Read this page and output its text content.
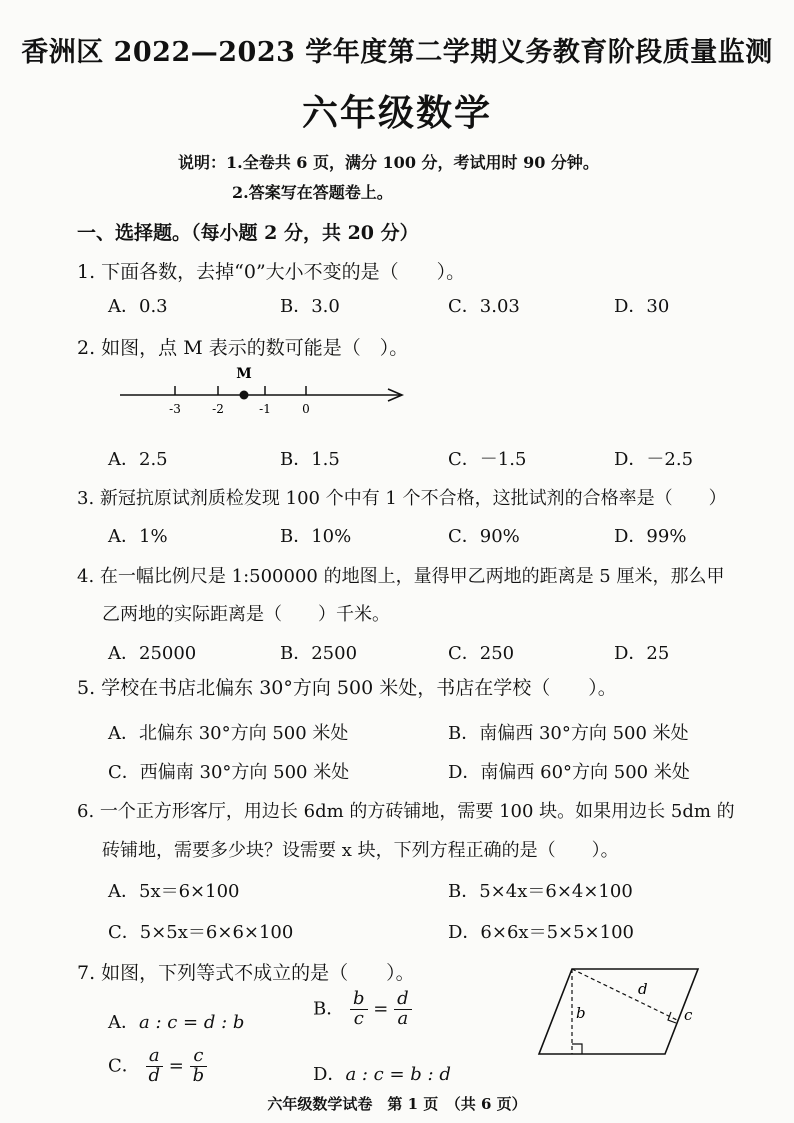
香洲区 2022—2023 学年度第二学期义务教育阶段质量监测
六年级数学
说明：1.全卷共 6 页，满分 100 分，考试用时 90 分钟。
2.答案写在答题卷上。
一、选择题。（每小题 2 分，共 20 分）
1. 下面各数，去掉“0”大小不变的是（　　）。
A．0.3	B．3.0	C．3.03	D．30
2. 如图，点 M 表示的数可能是（　）。
M
-3	-2	-1	0
A．2.5	B．1.5	C．－1.5	D．－2.5
3. 新冠抗原试剂质检发现 100 个中有 1 个不合格，这批试剂的合格率是（　　）
A．1%	B．10%	C．90%	D．99%
4. 在一幅比例尺是 1:500000 的地图上，量得甲乙两地的距离是 5 厘米，那么甲
乙两地的实际距离是（　　）千米。
A．25000	B．2500	C．250	D．25
5. 学校在书店北偏东 30°方向 500 米处，书店在学校（　　）。
A．北偏东 30°方向 500 米处	B．南偏西 30°方向 500 米处
C．西偏南 30°方向 500 米处	D．南偏西 60°方向 500 米处
6. 一个正方形客厅，用边长 6dm 的方砖铺地，需要 100 块。如果用边长 5dm 的
砖铺地，需要多少块？设需要 x 块，下列方程正确的是（　　）。
A．5x＝6×100	B．5×4x＝6×4×100
C．5×5x＝6×6×100	D．6×6x＝5×5×100
7. 如图，下列等式不成立的是（　　）。
A．a : c = d : b
B． $\frac{b}{c} = \frac{d}{a}$
C． $\frac{a}{d} = \frac{c}{b}$	D．a : c = b : d
d
b	c
六年级数学试卷　第 1 页　（共 6 页）
